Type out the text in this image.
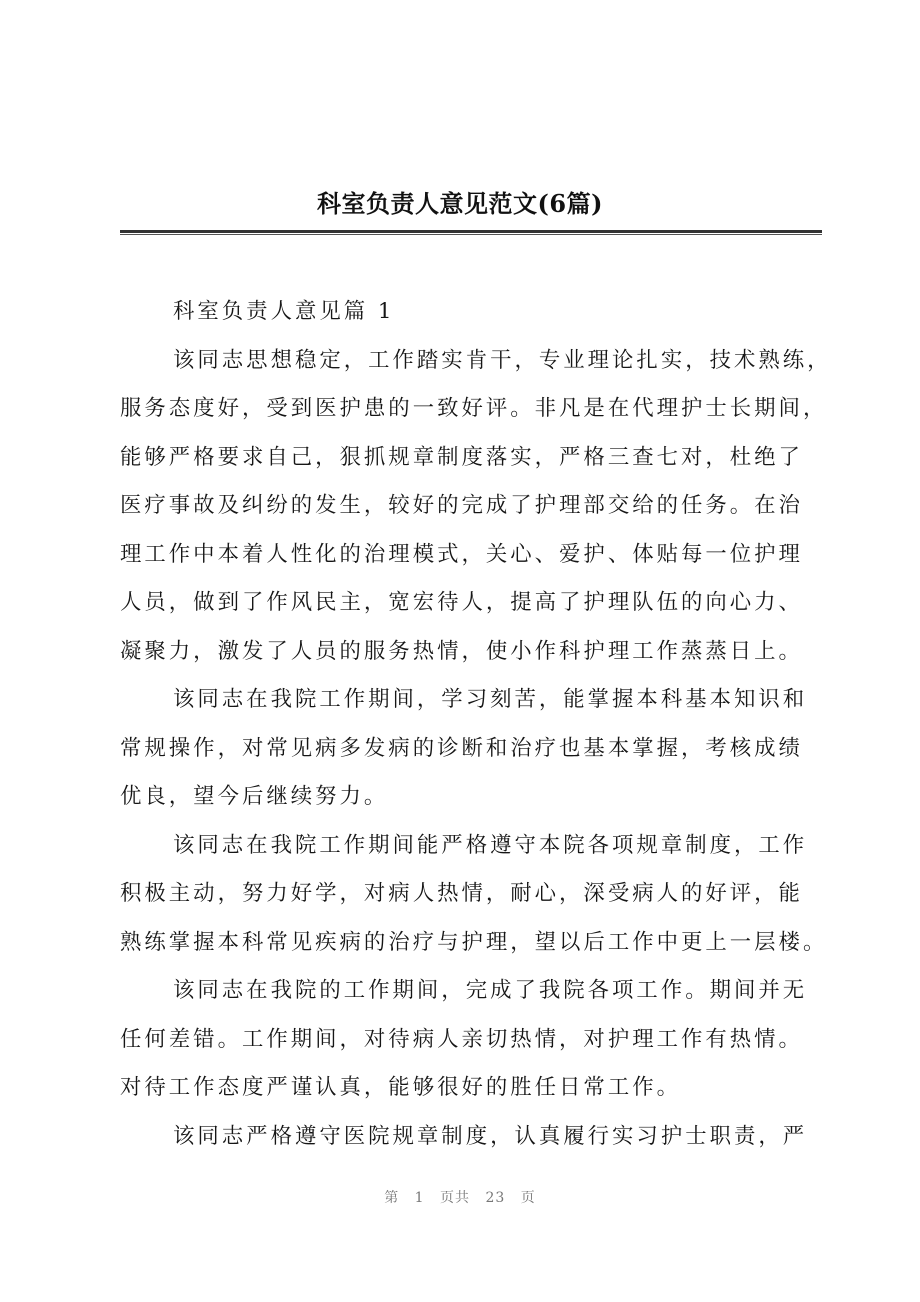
科室负责人意见范文(6篇)
科室负责人意见篇 1
该同志思想稳定，工作踏实肯干，专业理论扎实，技术熟练，
服务态度好，受到医护患的一致好评。非凡是在代理护士长期间，
能够严格要求自己，狠抓规章制度落实，严格三查七对，杜绝了
医疗事故及纠纷的发生，较好的完成了护理部交给的任务。在治
理工作中本着人性化的治理模式，关心、爱护、体贴每一位护理
人员，做到了作风民主，宽宏待人，提高了护理队伍的向心力、
凝聚力，激发了人员的服务热情，使小作科护理工作蒸蒸日上。
该同志在我院工作期间，学习刻苦，能掌握本科基本知识和
常规操作，对常见病多发病的诊断和治疗也基本掌握，考核成绩
优良，望今后继续努力。
该同志在我院工作期间能严格遵守本院各项规章制度，工作
积极主动，努力好学，对病人热情，耐心，深受病人的好评，能
熟练掌握本科常见疾病的治疗与护理，望以后工作中更上一层楼。
该同志在我院的工作期间，完成了我院各项工作。期间并无
任何差错。工作期间，对待病人亲切热情，对护理工作有热情。
对待工作态度严谨认真，能够很好的胜任日常工作。
该同志严格遵守医院规章制度，认真履行实习护士职责，严
第 1 页共 23 页
